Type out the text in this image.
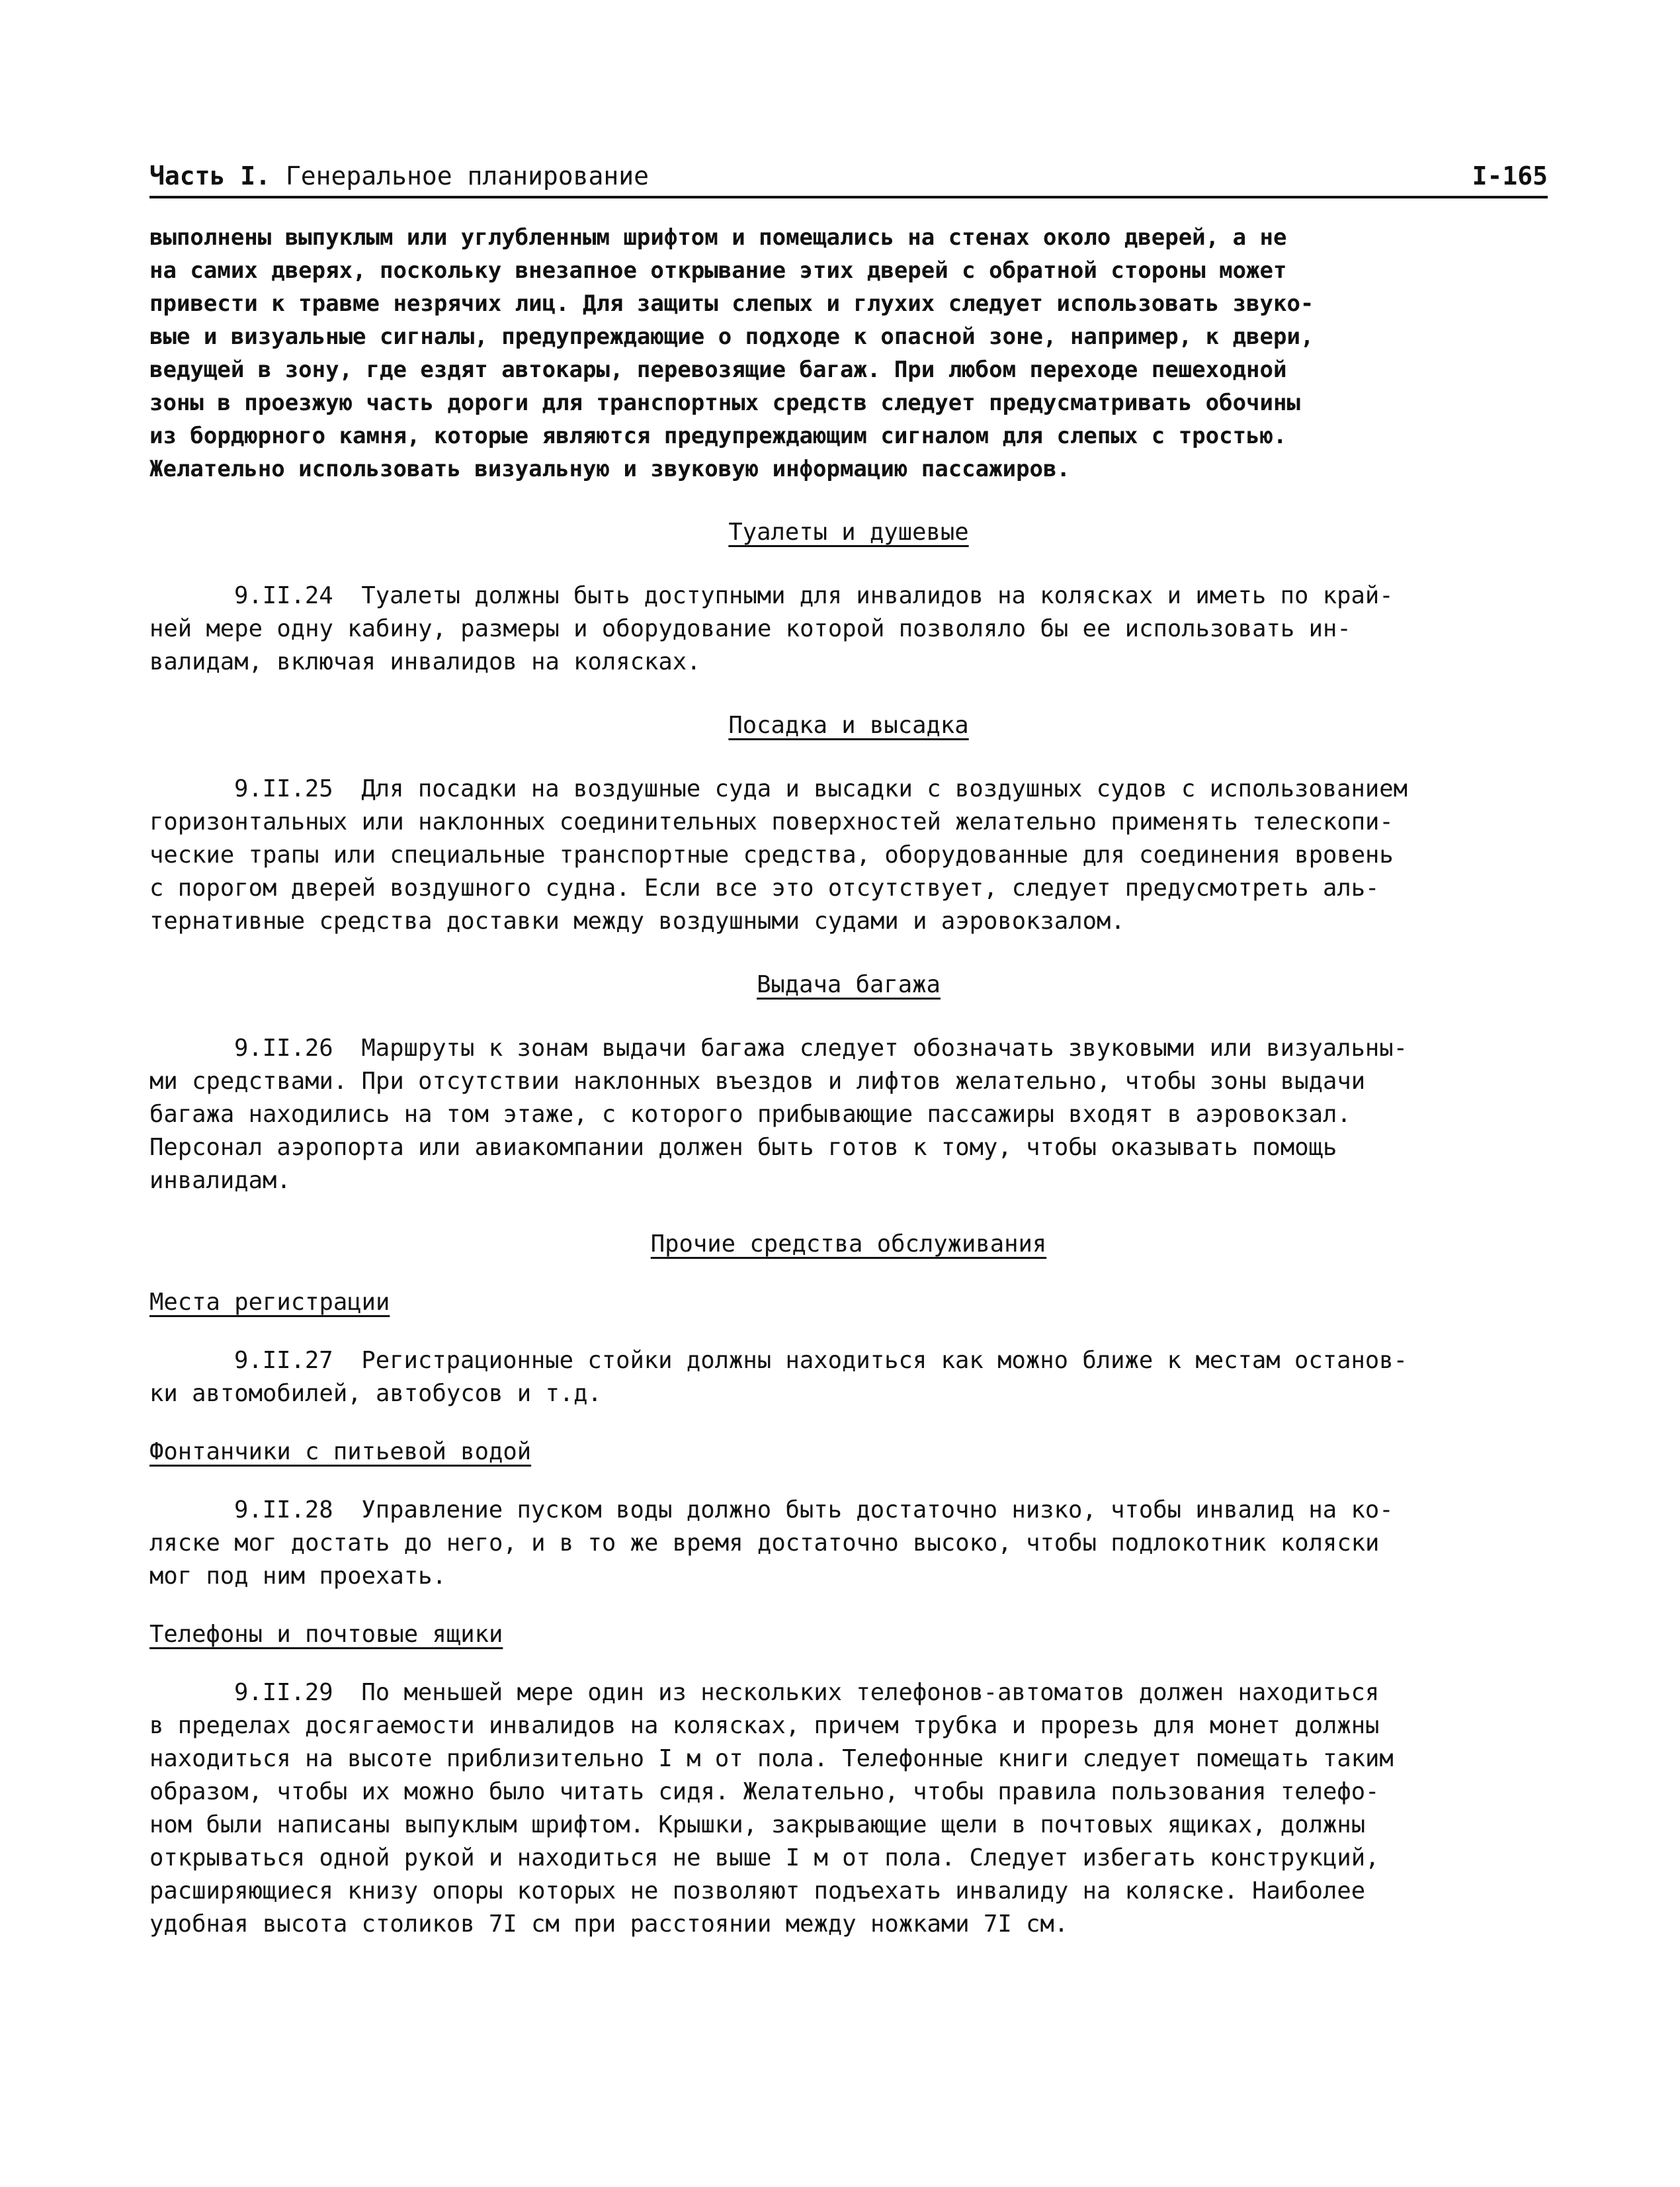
Часть I. Генеральное планирование	I-165
выполнены выпуклым или углубленным шрифтом и помещались на стенах около дверей, а не
на самих дверях, поскольку внезапное открывание этих дверей с обратной стороны может
привести к травме незрячих лиц. Для защиты слепых и глухих следует использовать звуко-
вые и визуальные сигналы, предупреждающие о подходе к опасной зоне, например, к двери,
ведущей в зону, где ездят автокары, перевозящие багаж. При любом переходе пешеходной
зоны в проезжую часть дороги для транспортных средств следует предусматривать обочины
из бордюрного камня, которые являются предупреждающим сигналом для слепых с тростью.
Желательно использовать визуальную и звуковую информацию пассажиров.
Туалеты и душевые
9.II.24  Туалеты должны быть доступными для инвалидов на колясках и иметь по край-
ней мере одну кабину, размеры и оборудование которой позволяло бы ее использовать ин-
валидам, включая инвалидов на колясках.
Посадка и высадка
9.II.25  Для посадки на воздушные суда и высадки с воздушных судов с использованием
горизонтальных или наклонных соединительных поверхностей желательно применять телескопи-
ческие трапы или специальные транспортные средства, оборудованные для соединения вровень
с порогом дверей воздушного судна. Если все это отсутствует, следует предусмотреть аль-
тернативные средства доставки между воздушными судами и аэровокзалом.
Выдача багажа
9.II.26  Маршруты к зонам выдачи багажа следует обозначать звуковыми или визуальны-
ми средствами. При отсутствии наклонных въездов и лифтов желательно, чтобы зоны выдачи
багажа находились на том этаже, с которого прибывающие пассажиры входят в аэровокзал.
Персонал аэропорта или авиакомпании должен быть готов к тому, чтобы оказывать помощь
инвалидам.
Прочие средства обслуживания
Места регистрации
9.II.27  Регистрационные стойки должны находиться как можно ближе к местам останов-
ки автомобилей, автобусов и т.д.
Фонтанчики с питьевой водой
9.II.28  Управление пуском воды должно быть достаточно низко, чтобы инвалид на ко-
ляске мог достать до него, и в то же время достаточно высоко, чтобы подлокотник коляски
мог под ним проехать.
Телефоны и почтовые ящики
9.II.29  По меньшей мере один из нескольких телефонов-автоматов должен находиться
в пределах досягаемости инвалидов на колясках, причем трубка и прорезь для монет должны
находиться на высоте приблизительно I м от пола. Телефонные книги следует помещать таким
образом, чтобы их можно было читать сидя. Желательно, чтобы правила пользования телефо-
ном были написаны выпуклым шрифтом. Крышки, закрывающие щели в почтовых ящиках, должны
открываться одной рукой и находиться не выше I м от пола. Следует избегать конструкций,
расширяющиеся книзу опоры которых не позволяют подъехать инвалиду на коляске. Наиболее
удобная высота столиков 7I см при расстоянии между ножками 7I см.
